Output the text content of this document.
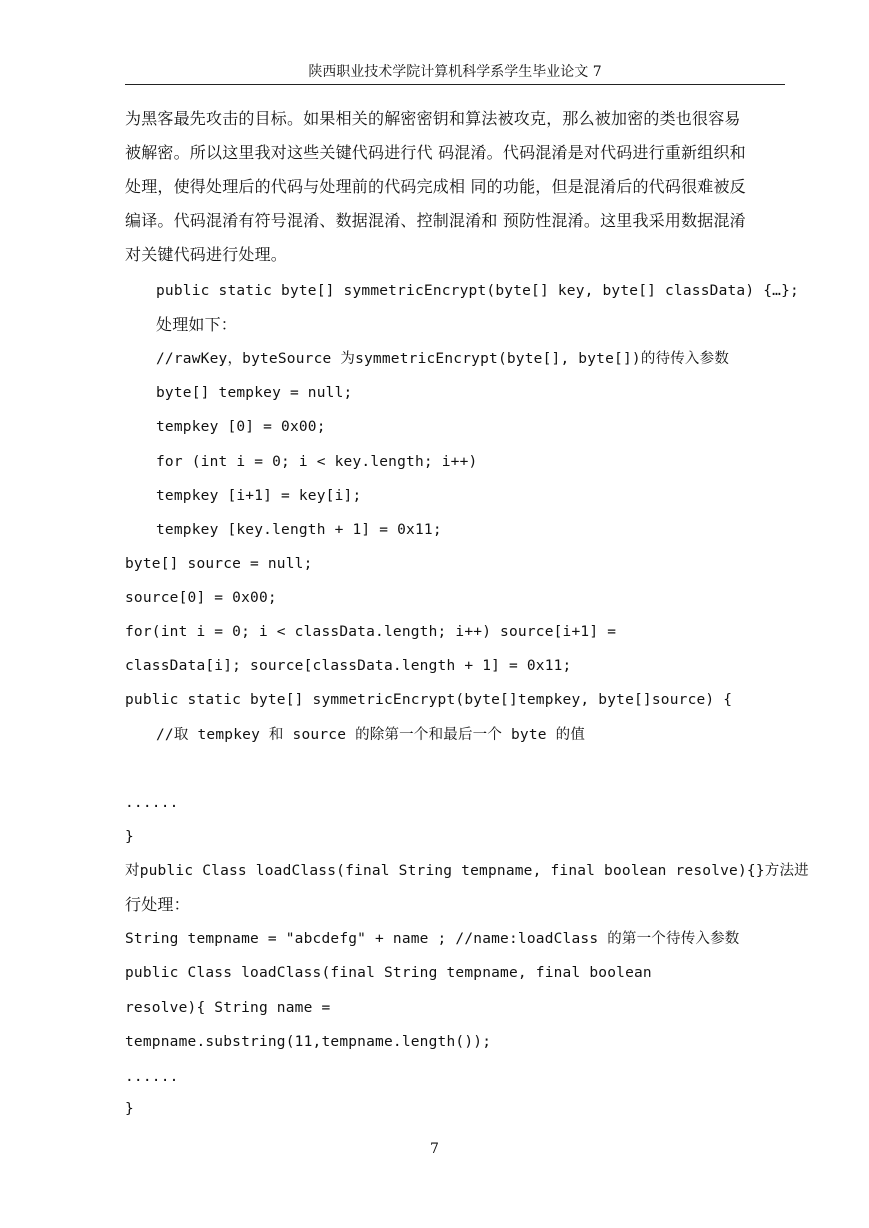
陕西职业技术学院计算机科学系学生毕业论文 7
为黑客最先攻击的目标。如果相关的解密密钥和算法被攻克，那么被加密的类也很容易
被解密。所以这里我对这些关键代码进行代 码混淆。代码混淆是对代码进行重新组织和
处理，使得处理后的代码与处理前的代码完成相 同的功能，但是混淆后的代码很难被反
编译。代码混淆有符号混淆、数据混淆、控制混淆和 预防性混淆。这里我采用数据混淆
对关键代码进行处理。
public static byte[] symmetricEncrypt(byte[] key, byte[] classData) {…};
处理如下：
//rawKey，byteSource 为symmetricEncrypt(byte[], byte[])的待传入参数
byte[] tempkey = null;
tempkey [0] = 0x00;
for (int i = 0; i < key.length; i++)
tempkey [i+1] = key[i];
tempkey [key.length + 1] = 0x11;
byte[] source = null;
source[0] = 0x00;
for(int i = 0; i < classData.length; i++) source[i+1] =
classData[i]; source[classData.length + 1] = 0x11;
public static byte[] symmetricEncrypt(byte[]tempkey, byte[]source) {
//取 tempkey 和 source 的除第一个和最后一个 byte 的值
......
}
对public Class loadClass(final String tempname, final boolean resolve){}方法进
行处理：
String tempname = "abcdefg" + name ; //name:loadClass 的第一个待传入参数
public Class loadClass(final String tempname, final boolean
resolve){ String name =
tempname.substring(11,tempname.length());
......
}
7
